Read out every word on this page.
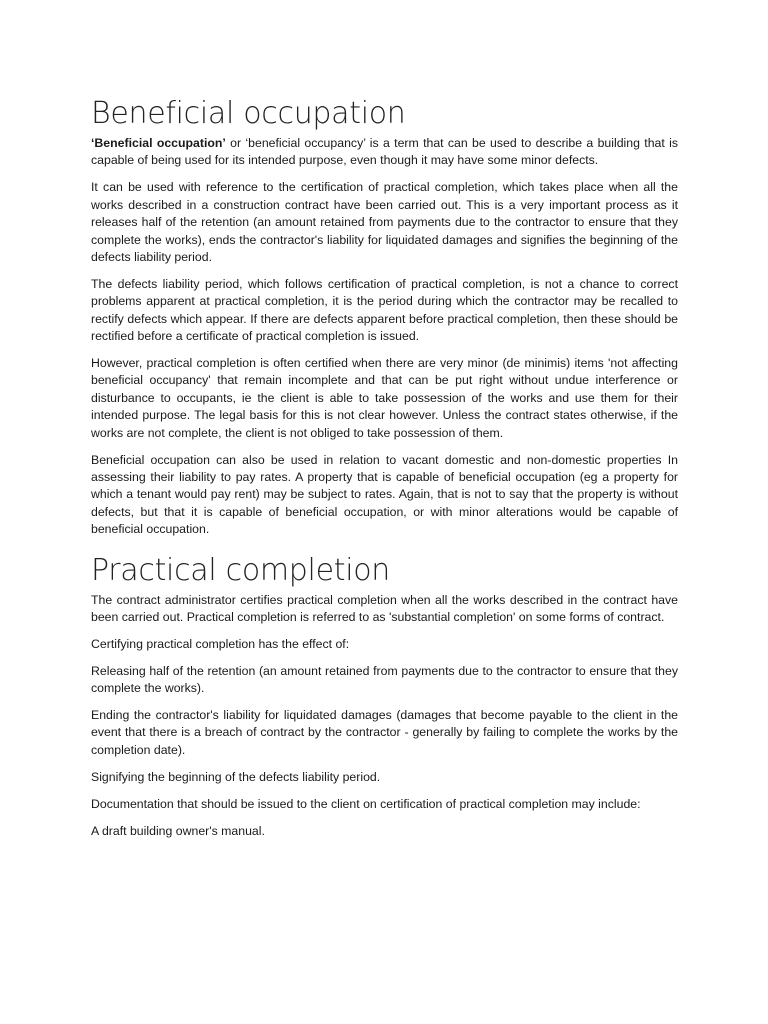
Beneficial occupation

‘Beneficial occupation’ or ‘beneficial occupancy’ is a term that can be used to describe a building that is capable of being used for its intended purpose, even though it may have some minor defects.

It can be used with reference to the certification of practical completion, which takes place when all the works described in a construction contract have been carried out. This is a very important process as it releases half of the retention (an amount retained from payments due to the contractor to ensure that they complete the works), ends the contractor's liability for liquidated damages and signifies the beginning of the defects liability period.

The defects liability period, which follows certification of practical completion, is not a chance to correct problems apparent at practical completion, it is the period during which the contractor may be recalled to rectify defects which appear. If there are defects apparent before practical completion, then these should be rectified before a certificate of practical completion is issued.

However, practical completion is often certified when there are very minor (de minimis) items 'not affecting beneficial occupancy' that remain incomplete and that can be put right without undue interference or disturbance to occupants, ie the client is able to take possession of the works and use them for their intended purpose. The legal basis for this is not clear however. Unless the contract states otherwise, if the works are not complete, the client is not obliged to take possession of them.

Beneficial occupation can also be used in relation to vacant domestic and non-domestic properties In assessing their liability to pay rates. A property that is capable of beneficial occupation (eg a property for which a tenant would pay rent) may be subject to rates. Again, that is not to say that the property is without defects, but that it is capable of beneficial occupation, or with minor alterations would be capable of beneficial occupation.

Practical completion

The contract administrator certifies practical completion when all the works described in the contract have been carried out. Practical completion is referred to as 'substantial completion' on some forms of contract.

Certifying practical completion has the effect of:

Releasing half of the retention (an amount retained from payments due to the contractor to ensure that they complete the works).

Ending the contractor's liability for liquidated damages (damages that become payable to the client in the event that there is a breach of contract by the contractor - generally by failing to complete the works by the completion date).

Signifying the beginning of the defects liability period.

Documentation that should be issued to the client on certification of practical completion may include:

A draft building owner's manual.
